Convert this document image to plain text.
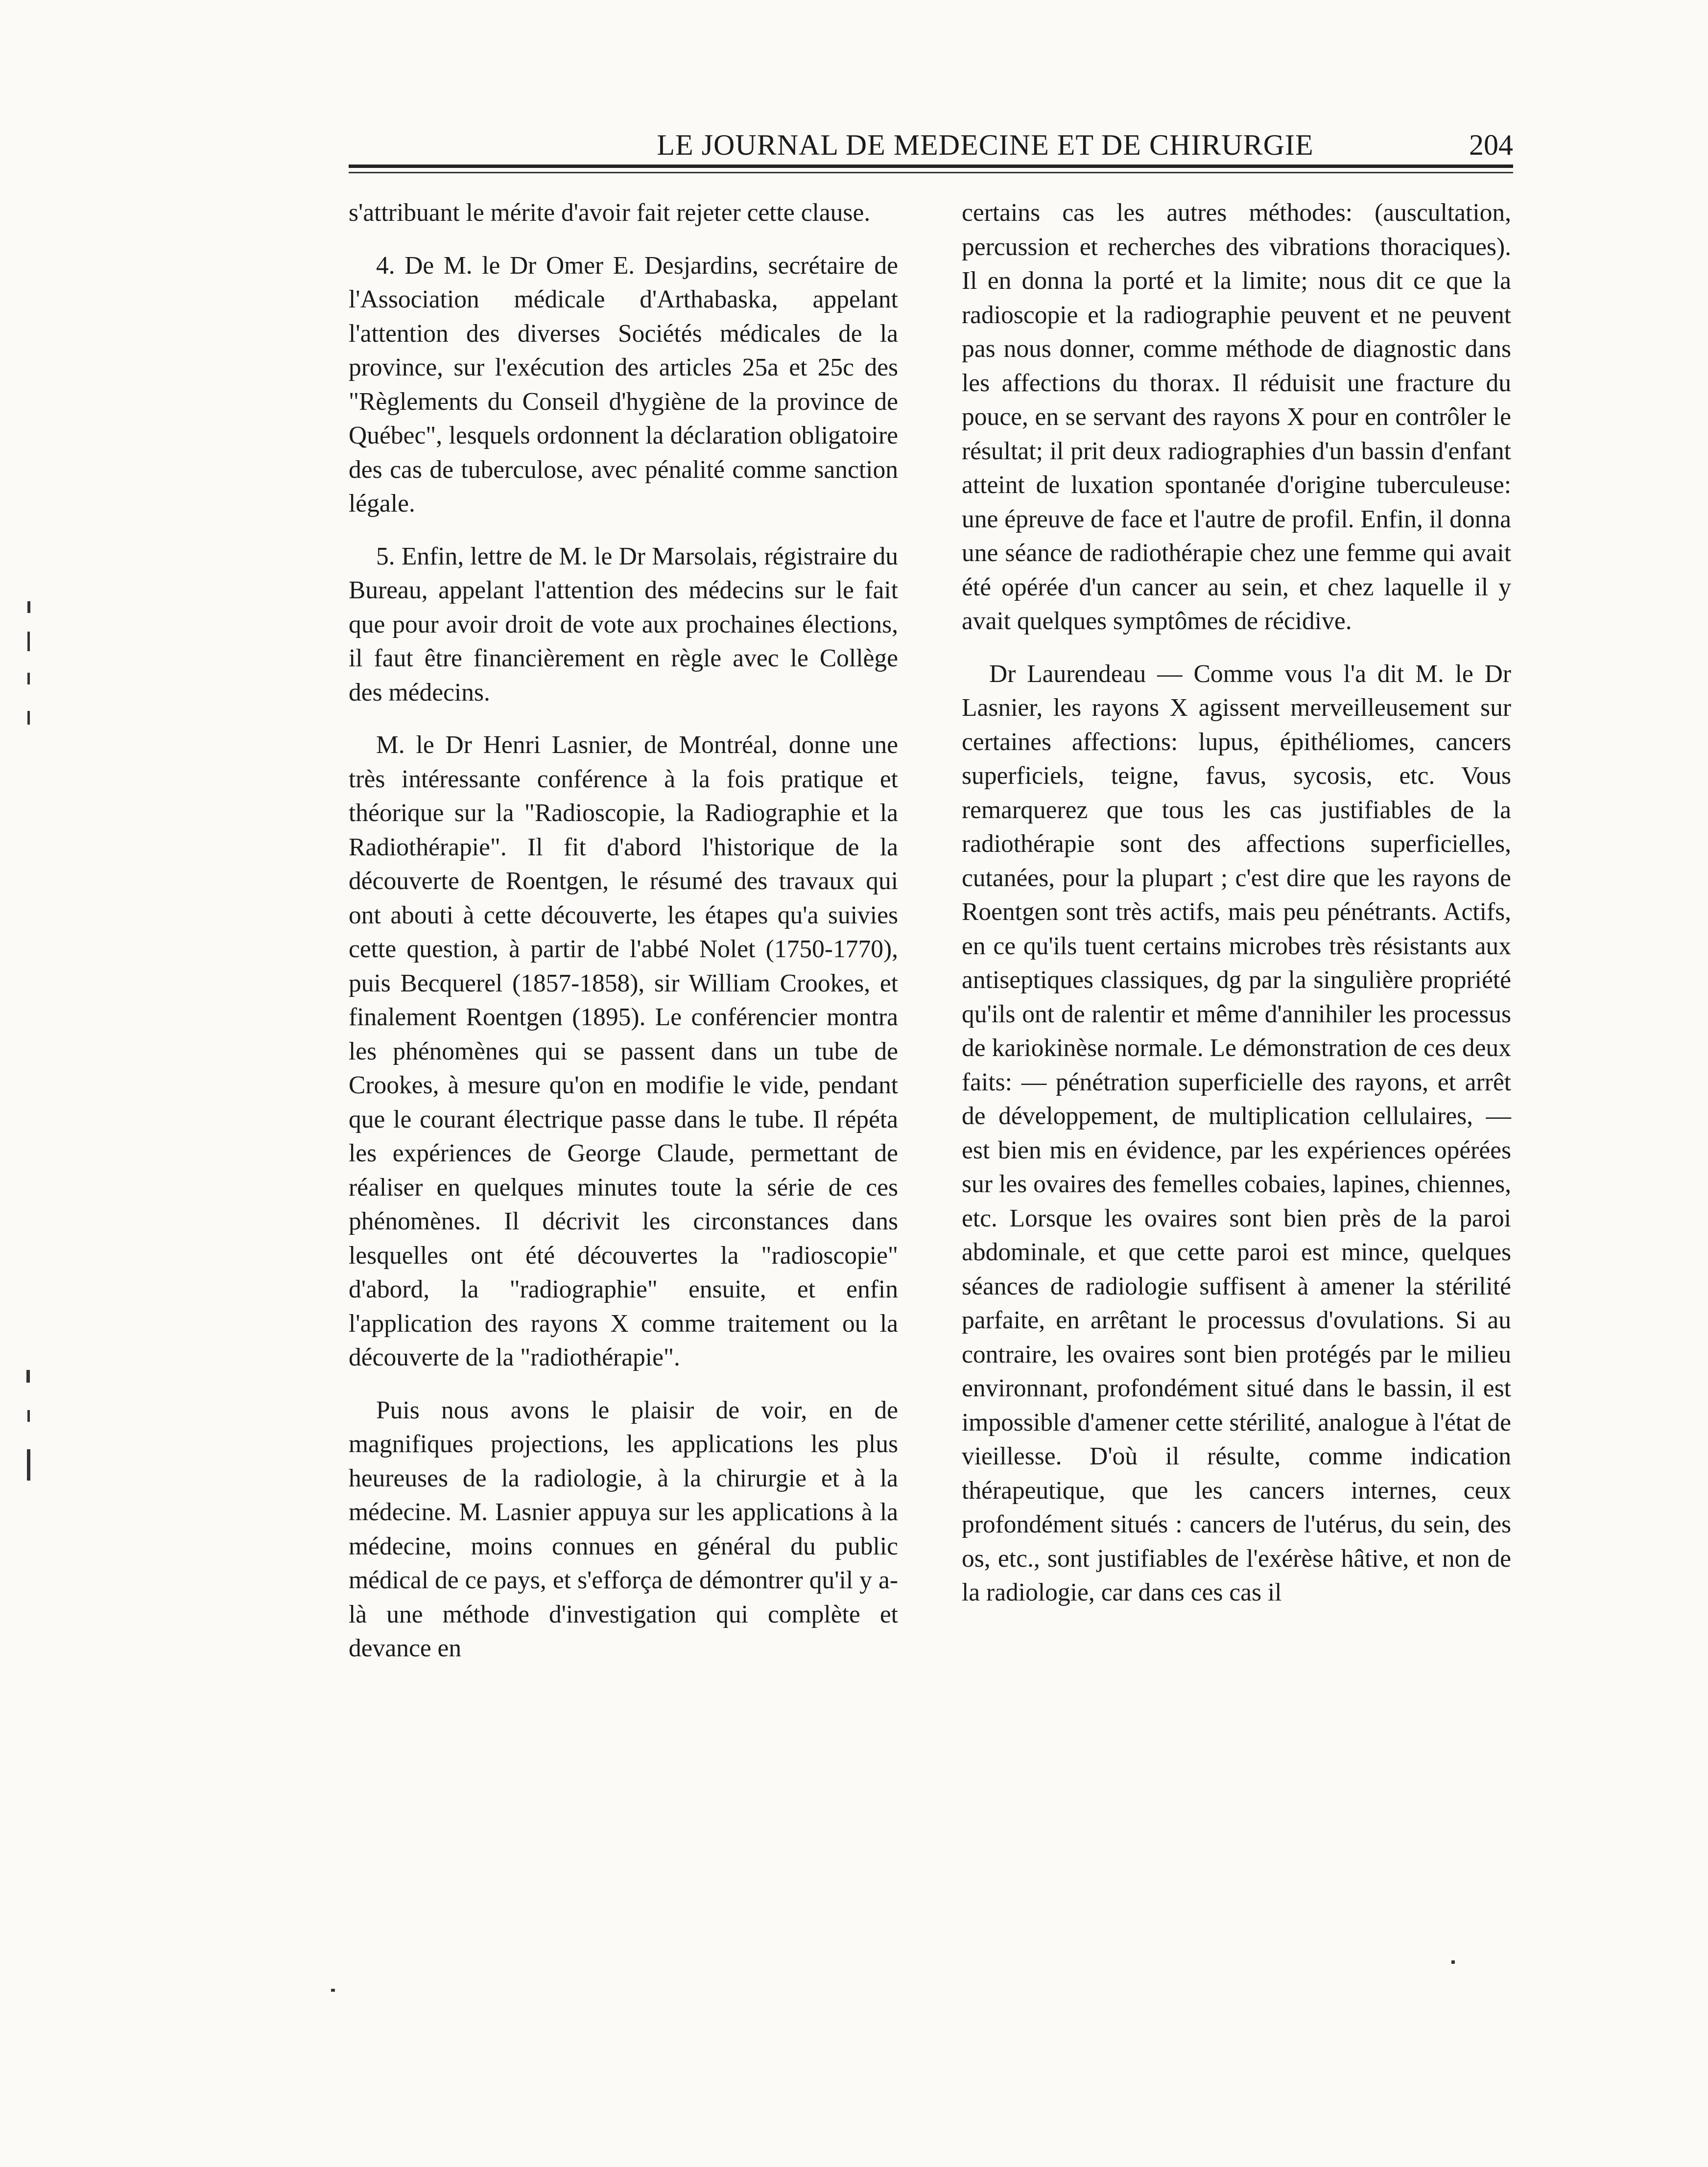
LE JOURNAL DE MEDECINE ET DE CHIRURGIE	204

s'attribuant le mérite d'avoir fait rejeter cette clause.

4. De M. le Dr Omer E. Desjardins, secrétaire de l'Association médicale d'Arthabaska, appelant l'attention des diverses Sociétés médicales de la province, sur l'exécution des articles 25a et 25c des "Règlements du Conseil d'hygiène de la province de Québec", lesquels ordonnent la déclaration obligatoire des cas de tuberculose, avec pénalité comme sanction légale.

5. Enfin, lettre de M. le Dr Marsolais, régistraire du Bureau, appelant l'attention des médecins sur le fait que pour avoir droit de vote aux prochaines élections, il faut être financièrement en règle avec le Collège des médecins.

M. le Dr Henri Lasnier, de Montréal, donne une très intéressante conférence à la fois pratique et théorique sur la "Radioscopie, la Radiographie et la Radiothérapie". Il fit d'abord l'historique de la découverte de Roentgen, le résumé des travaux qui ont abouti à cette découverte, les étapes qu'a suivies cette question, à partir de l'abbé Nolet (1750-1770), puis Becquerel (1857-1858), sir William Crookes, et finalement Roentgen (1895). Le conférencier montra les phénomènes qui se passent dans un tube de Crookes, à mesure qu'on en modifie le vide, pendant que le courant électrique passe dans le tube. Il répéta les expériences de George Claude, permettant de réaliser en quelques minutes toute la série de ces phénomènes. Il décrivit les circonstances dans lesquelles ont été découvertes la "radioscopie" d'abord, la "radiographie" ensuite, et enfin l'application des rayons X comme traitement ou la découverte de la "radiothérapie".

Puis nous avons le plaisir de voir, en de magnifiques projections, les applications les plus heureuses de la radiologie, à la chirurgie et à la médecine. M. Lasnier appuya sur les applications à la médecine, moins connues en général du public médical de ce pays, et s'efforça de démontrer qu'il y a-là une méthode d'investigation qui complète et devance en

certains cas les autres méthodes: (auscultation, percussion et recherches des vibrations thoraciques). Il en donna la porté et la limite; nous dit ce que la radioscopie et la radiographie peuvent et ne peuvent pas nous donner, comme méthode de diagnostic dans les affections du thorax. Il réduisit une fracture du pouce, en se servant des rayons X pour en contrôler le résultat; il prit deux radiographies d'un bassin d'enfant atteint de luxation spontanée d'origine tuberculeuse: une épreuve de face et l'autre de profil. Enfin, il donna une séance de radiothérapie chez une femme qui avait été opérée d'un cancer au sein, et chez laquelle il y avait quelques symptômes de récidive.

Dr Laurendeau — Comme vous l'a dit M. le Dr Lasnier, les rayons X agissent merveilleusement sur certaines affections: lupus, épithéliomes, cancers superficiels, teigne, favus, sycosis, etc. Vous remarquerez que tous les cas justifiables de la radiothérapie sont des affections superficielles, cutanées, pour la plupart ; c'est dire que les rayons de Roentgen sont très actifs, mais peu pénétrants. Actifs, en ce qu'ils tuent certains microbes très résistants aux antiseptiques classiques, dg par la singulière propriété qu'ils ont de ralentir et même d'annihiler les processus de kariokinèse normale. Le démonstration de ces deux faits: — pénétration superficielle des rayons, et arrêt de développement, de multiplication cellulaires, — est bien mis en évidence, par les expériences opérées sur les ovaires des femelles cobaies, lapines, chiennes, etc. Lorsque les ovaires sont bien près de la paroi abdominale, et que cette paroi est mince, quelques séances de radiologie suffisent à amener la stérilité parfaite, en arrêtant le processus d'ovulations. Si au contraire, les ovaires sont bien protégés par le milieu environnant, profondément situé dans le bassin, il est impossible d'amener cette stérilité, analogue à l'état de vieillesse. D'où il résulte, comme indication thérapeutique, que les cancers internes, ceux profondément situés : cancers de l'utérus, du sein, des os, etc., sont justifiables de l'exérèse hâtive, et non de la radiologie, car dans ces cas il
